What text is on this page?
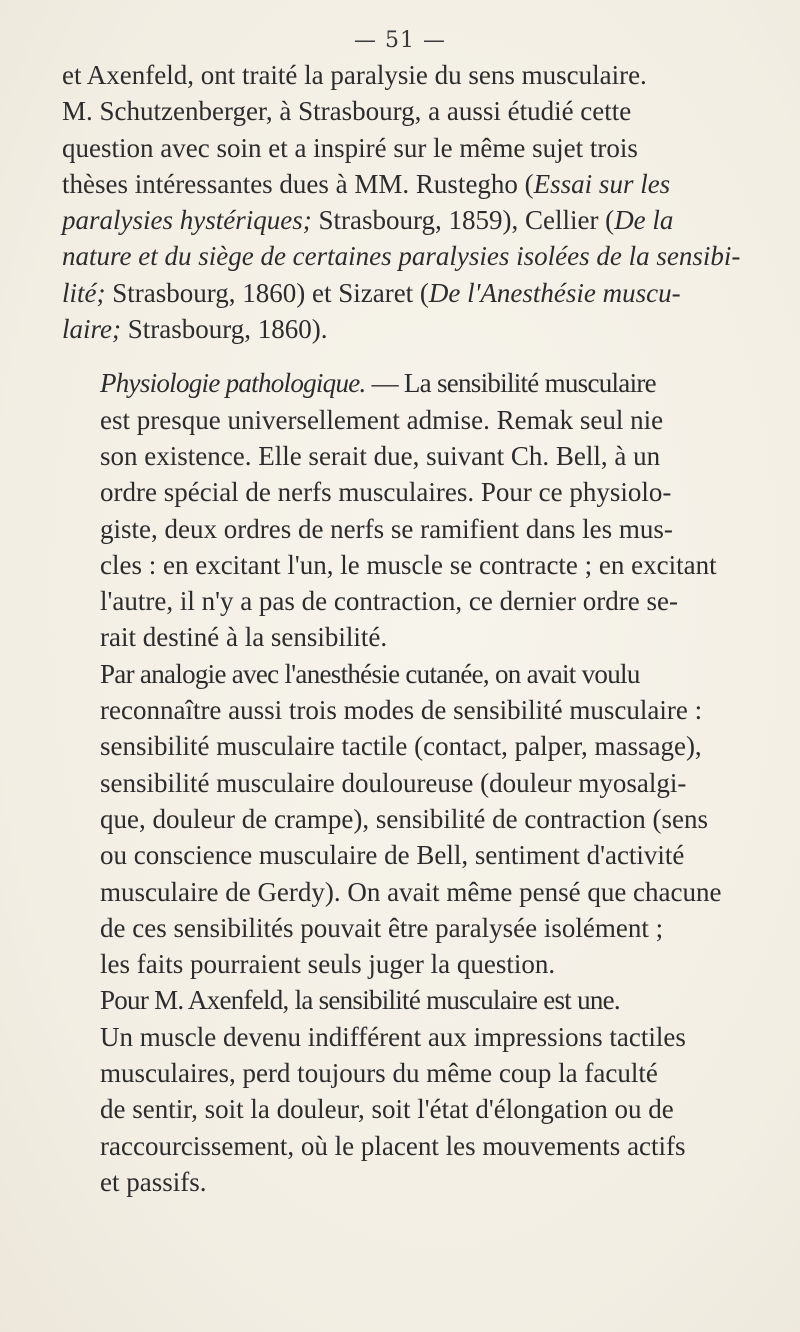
— 51 —

et Axenfeld, ont traité la paralysie du sens musculaire.
M. Schutzenberger, à Strasbourg, a aussi étudié cette
question avec soin et a inspiré sur le même sujet trois
thèses intéressantes dues à MM. Rustegho (Essai sur les
paralysies hystériques; Strasbourg, 1859), Cellier (De la
nature et du siège de certaines paralysies isolées de la sensibi-
lité; Strasbourg, 1860) et Sizaret (De l'Anesthésie muscu-
laire; Strasbourg, 1860).

Physiologie pathologique. — La sensibilité musculaire
est presque universellement admise. Remak seul nie
son existence. Elle serait due, suivant Ch. Bell, à un
ordre spécial de nerfs musculaires. Pour ce physiolo-
giste, deux ordres de nerfs se ramifient dans les mus-
cles : en excitant l'un, le muscle se contracte ; en excitant
l'autre, il n'y a pas de contraction, ce dernier ordre se-
rait destiné à la sensibilité.

Par analogie avec l'anesthésie cutanée, on avait voulu
reconnaître aussi trois modes de sensibilité musculaire :
sensibilité musculaire tactile (contact, palper, massage),
sensibilité musculaire douloureuse (douleur myosalgi-
que, douleur de crampe), sensibilité de contraction (sens
ou conscience musculaire de Bell, sentiment d'activité
musculaire de Gerdy). On avait même pensé que chacune
de ces sensibilités pouvait être paralysée isolément ;
les faits pourraient seuls juger la question.

Pour M. Axenfeld, la sensibilité musculaire est une.
Un muscle devenu indifférent aux impressions tactiles
musculaires, perd toujours du même coup la faculté
de sentir, soit la douleur, soit l'état d'élongation ou de
raccourcissement, où le placent les mouvements actifs
et passifs.
